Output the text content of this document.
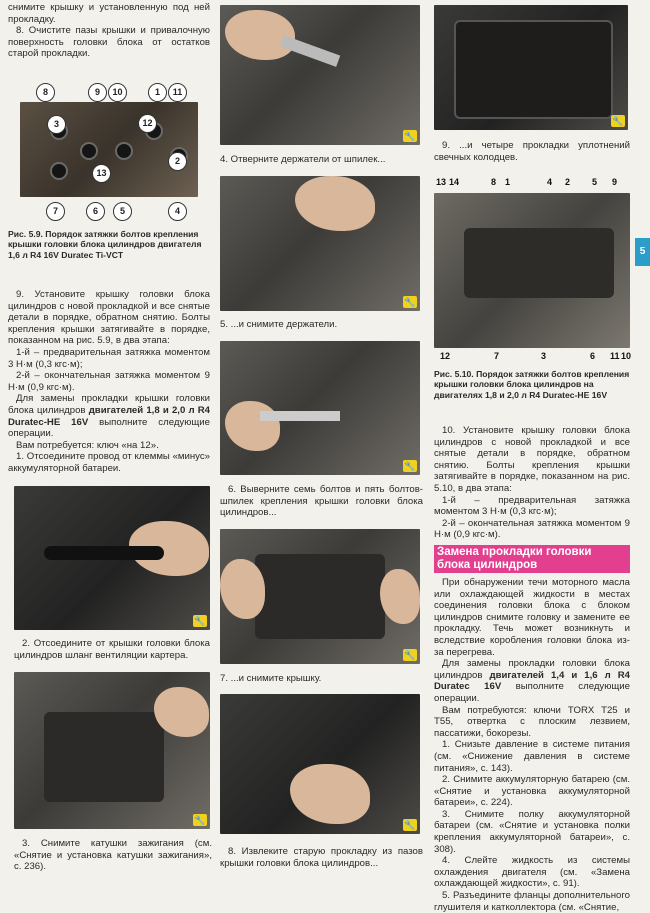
снимите крышку и установленную под ней прокладку.

8. Очистите пазы крышки и привалочную поверхность головки блока от остатков старой прокладки.

3	12
2
13
8	9	10	1	11
7	6	5	4

Рис. 5.9. Порядок затяжки болтов крепления крышки головки блока цилиндров двигателя 1,6 л R4 16V Duratec Ti-VCT

9. Установите крышку головки блока цилиндров с новой прокладкой и все снятые детали в порядке, обратном снятию. Болты крепления крышки затягивайте в порядке, показанном на рис. 5.9, в два этапа:

1-й – предварительная затяжка моментом 3 Н·м (0,3 кгс·м);

2-й – окончательная затяжка моментом 9 Н·м (0,9 кгс·м).

Для замены прокладки крышки головки блока цилиндров двигателей 1,8 и 2,0 л R4 Duratec-HE 16V выполните следующие операции.

Вам потребуется: ключ «на 12».

1. Отсоедините провод от клеммы «минус» аккумуляторной батареи.

🔧

2. Отсоедините от крышки головки блока цилиндров шланг вентиляции картера.

🔧

3. Снимите катушки зажигания (см. «Снятие и установка катушки зажигания», с. 236).

🔧

4. Отверните держатели от шпилек...

🔧

5. ...и снимите держатели.

🔧

6. Выверните семь болтов и пять болтов-шпилек крепления крышки головки блока цилиндров...

🔧

7. ...и снимите крышку.

🔧

8. Извлеките старую прокладку из пазов крышки головки блока цилиндров...

🔧

9. ...и четыре прокладки уплотнений свечных колодцев.

13 14	8 1	4 2 5 9
12	7	3	6 11 10

Рис. 5.10. Порядок затяжки болтов крепления крышки головки блока цилиндров на двигателях 1,8 и 2,0 л R4 Duratec-HE 16V

10. Установите крышку головки блока цилиндров с новой прокладкой и все снятые детали в порядке, обратном снятию. Болты крепления крышки затягивайте в порядке, показанном на рис. 5.10, в два этапа:

1-й – предварительная затяжка моментом 3 Н·м (0,3 кгс·м);

2-й – окончательная затяжка моментом 9 Н·м (0,9 кгс·м).

Замена прокладки головки блока цилиндров

При обнаружении течи моторного масла или охлаждающей жидкости в местах соединения головки блока с блоком цилиндров снимите головку и замените ее прокладку. Течь может возникнуть и вследствие коробления головки блока из-за перегрева.

Для замены прокладки головки блока цилиндров двигателей 1,4 и 1,6 л R4 Duratec 16V выполните следующие операции.

Вам потребуются: ключи TORX T25 и T55, отвертка с плоским лезвием, пассатижи, бокорезы.

1. Снизьте давление в системе питания (см. «Снижение давления в системе питания», с. 143).

2. Снимите аккумуляторную батарею (см. «Снятие и установка аккумуляторной батареи», с. 224).

3. Снимите полку аккумуляторной батареи (см. «Снятие и установка полки крепления аккумуляторной батареи», с. 308).

4. Слейте жидкость из системы охлаждения двигателя (см. «Замена охлаждающей жидкости», с. 91).

5. Разъедините фланцы дополнительного глушителя и катколлектора (см. «Снятие,

5
